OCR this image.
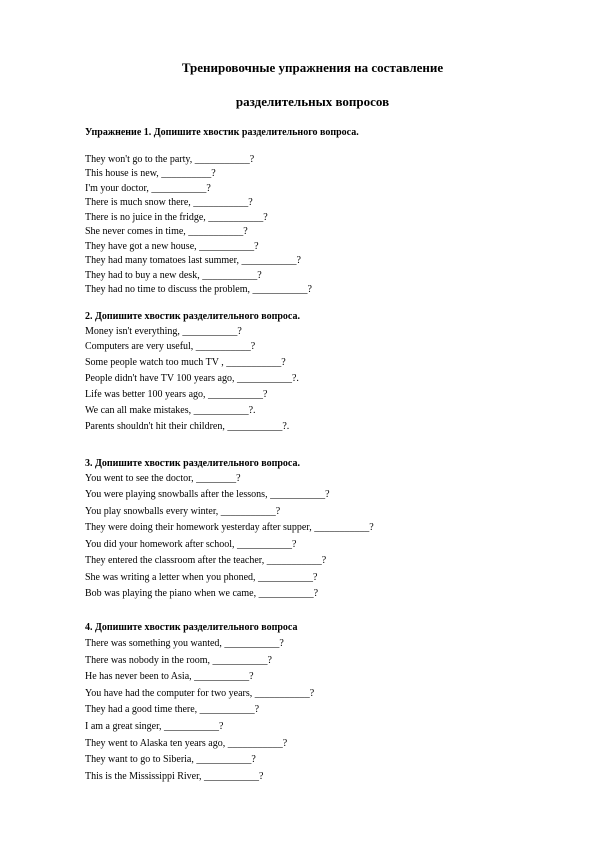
Тренировочные упражнения на составление
разделительных вопросов
Упражнение 1. Допишите хвостик разделительного вопроса.
They won't go to the party, ___________?
This house is new, __________?
I'm your doctor, ___________?
There is much snow there, ___________?
There is no juice in the fridge, ___________?
She never comes in time, ___________?
They have got a new house, ___________?
They had many tomatoes last summer, ___________?
They had to buy a new desk, ___________?
They had no time to discuss the problem, ___________?
2. Допишите хвостик разделительного вопроса.
Money isn't everything, ___________?
Computers are very useful, ___________?
Some people watch too much TV , ___________?
People didn't have TV 100 years ago, ___________?.
Life was better 100 years ago, ___________?
We can all make mistakes, ___________?.
Parents shouldn't hit their children, ___________?.
3. Допишите хвостик разделительного вопроса.
You went to see the doctor, ________?
You were playing snowballs after the lessons, ___________?
You play snowballs every winter, ___________?
They were doing their homework yesterday after supper, ___________?
You did your homework after school, ___________?
They entered the classroom after the teacher, ___________?
She was writing a letter when you phoned, ___________?
Bob was playing the piano when we came, ___________?
4. Допишите хвостик разделительного вопроса
There was something you wanted, ___________?
There was nobody in the room, ___________?
He has never been to Asia, ___________?
You have had the computer for two years, ___________?
They had a good time there, ___________?
I am a great singer, ___________?
They went to Alaska ten years ago, ___________?
They want to go to Siberia, ___________?
This is the Mississippi River, ___________?
